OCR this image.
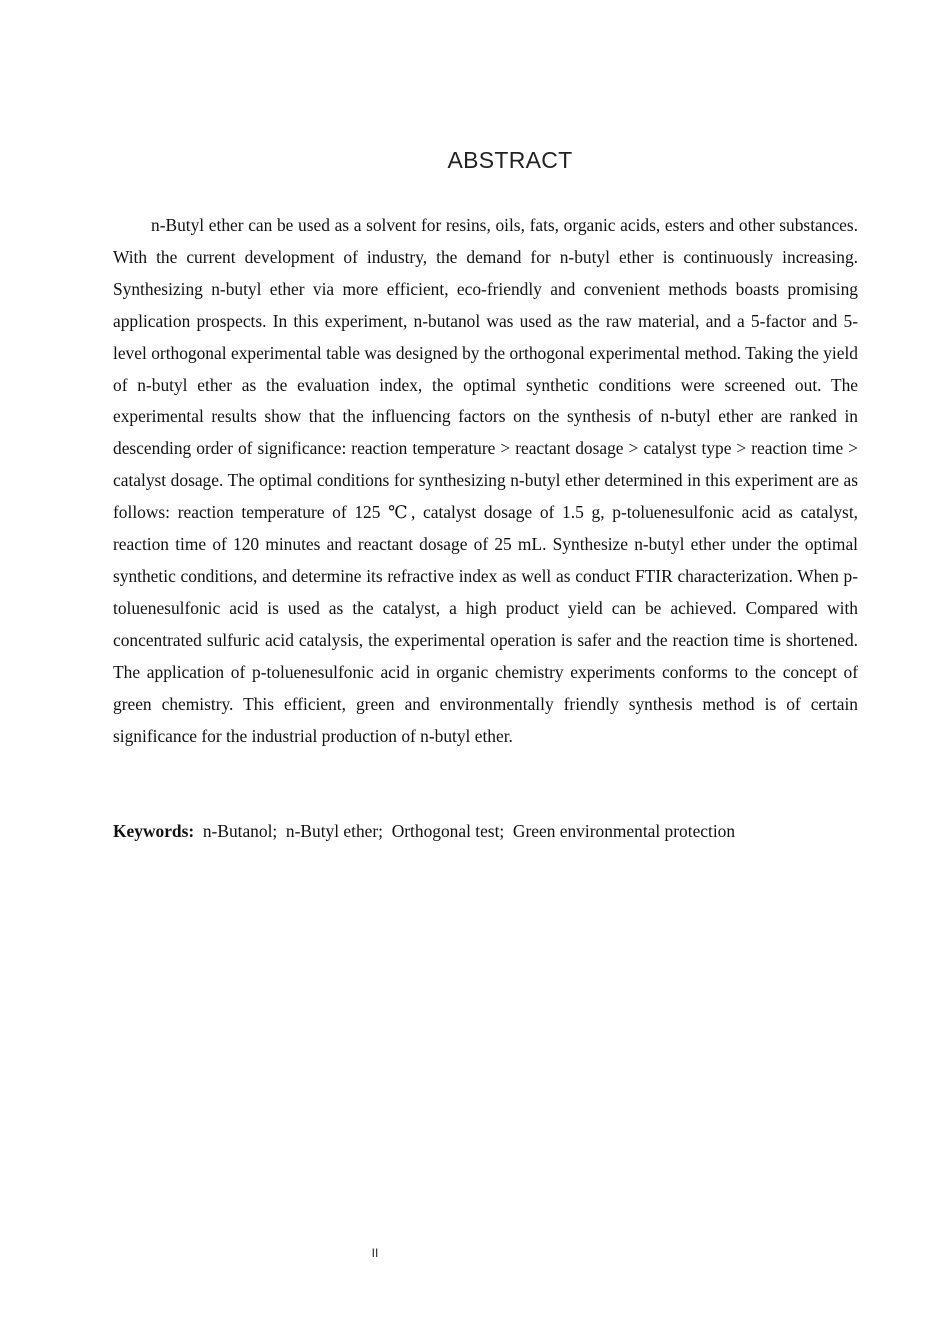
ABSTRACT

n-Butyl ether can be used as a solvent for resins, oils, fats, organic acids, esters and other substances. With the current development of industry, the demand for n-butyl ether is continuously increasing. Synthesizing n-butyl ether via more efficient, eco-friendly and convenient methods boasts promising application prospects. In this experiment, n-butanol was used as the raw material, and a 5-factor and 5-level orthogonal experimental table was designed by the orthogonal experimental method. Taking the yield of n-butyl ether as the evaluation index, the optimal synthetic conditions were screened out. The experimental results show that the influencing factors on the synthesis of n-butyl ether are ranked in descending order of significance: reaction temperature > reactant dosage > catalyst type > reaction time > catalyst dosage. The optimal conditions for synthesizing n-butyl ether determined in this experiment are as follows: reaction temperature of 125 ℃, catalyst dosage of 1.5 g, p-toluenesulfonic acid as catalyst, reaction time of 120 minutes and reactant dosage of 25 mL. Synthesize n-butyl ether under the optimal synthetic conditions, and determine its refractive index as well as conduct FTIR characterization. When p-toluenesulfonic acid is used as the catalyst, a high product yield can be achieved. Compared with concentrated sulfuric acid catalysis, the experimental operation is safer and the reaction time is shortened. The application of p-toluenesulfonic acid in organic chemistry experiments conforms to the concept of green chemistry. This efficient, green and environmentally friendly synthesis method is of certain significance for the industrial production of n-butyl ether.

Keywords:  n-Butanol;  n-Butyl ether;  Orthogonal test;  Green environmental protection

II
